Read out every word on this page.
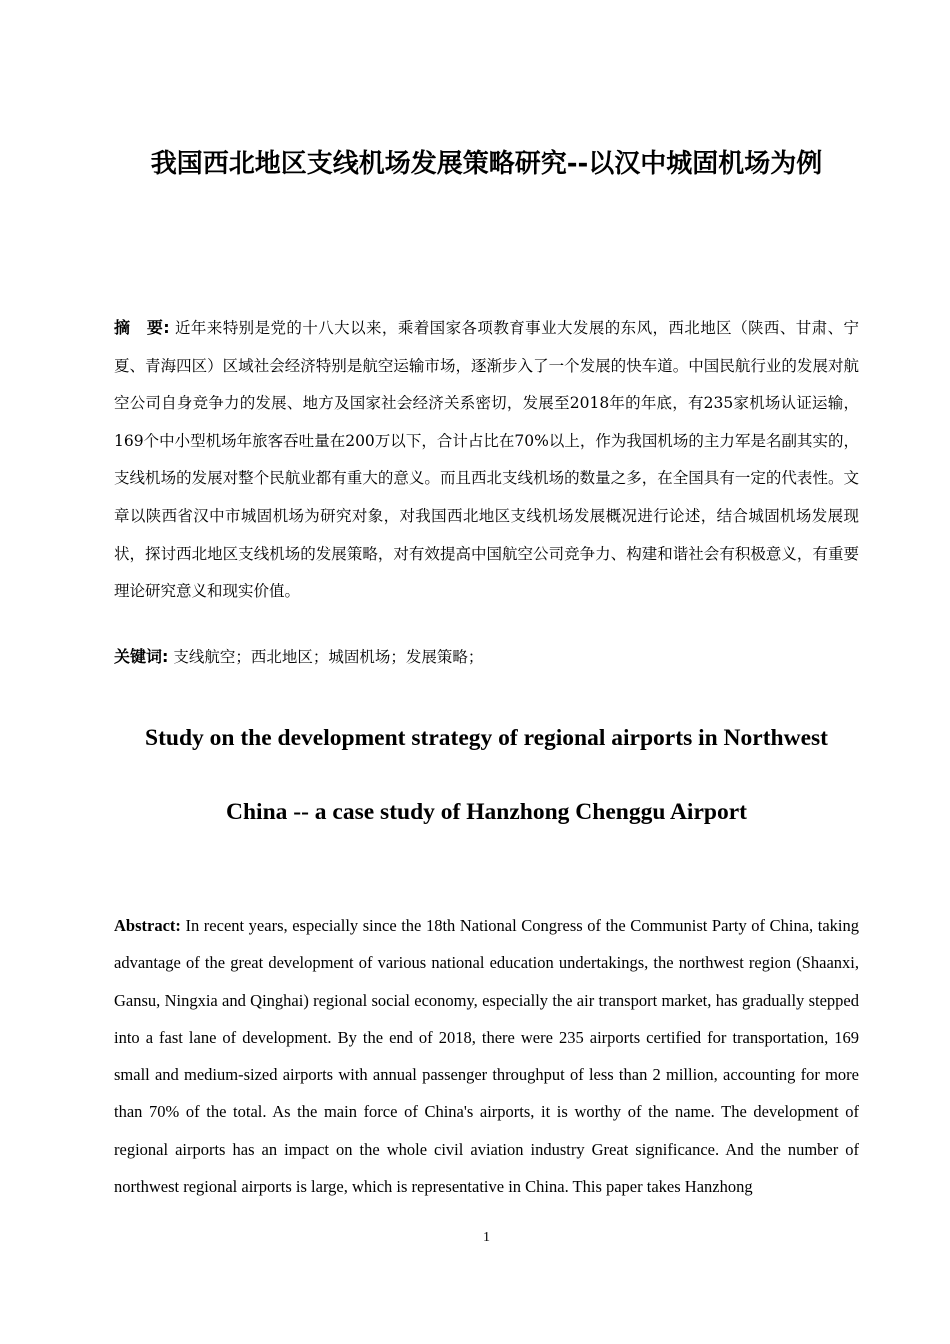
我国西北地区支线机场发展策略研究--以汉中城固机场为例

摘　要: 近年来特别是党的十八大以来，乘着国家各项教育事业大发展的东风，西北地区（陕西、甘肃、宁夏、青海四区）区域社会经济特别是航空运输市场，逐渐步入了一个发展的快车道。中国民航行业的发展对航空公司自身竞争力的发展、地方及国家社会经济关系密切，发展至2018年的年底，有235家机场认证运输，169个中小型机场年旅客吞吐量在200万以下，合计占比在70%以上，作为我国机场的主力军是名副其实的，支线机场的发展对整个民航业都有重大的意义。而且西北支线机场的数量之多，在全国具有一定的代表性。文章以陕西省汉中市城固机场为研究对象，对我国西北地区支线机场发展概况进行论述，结合城固机场发展现状，探讨西北地区支线机场的发展策略，对有效提高中国航空公司竞争力、构建和谐社会有积极意义，有重要理论研究意义和现实价值。

关键词: 支线航空；西北地区；城固机场；发展策略；

Study on the development strategy of regional airports in Northwest China -- a case study of Hanzhong Chenggu Airport

Abstract: In recent years, especially since the 18th National Congress of the Communist Party of China, taking advantage of the great development of various national education undertakings, the northwest region (Shaanxi, Gansu, Ningxia and Qinghai) regional social economy, especially the air transport market, has gradually stepped into a fast lane of development. By the end of 2018, there were 235 airports certified for transportation, 169 small and medium-sized airports with annual passenger throughput of less than 2 million, accounting for more than 70% of the total. As the main force of China's airports, it is worthy of the name. The development of regional airports has an impact on the whole civil aviation industry Great significance. And the number of northwest regional airports is large, which is representative in China. This paper takes Hanzhong

1
